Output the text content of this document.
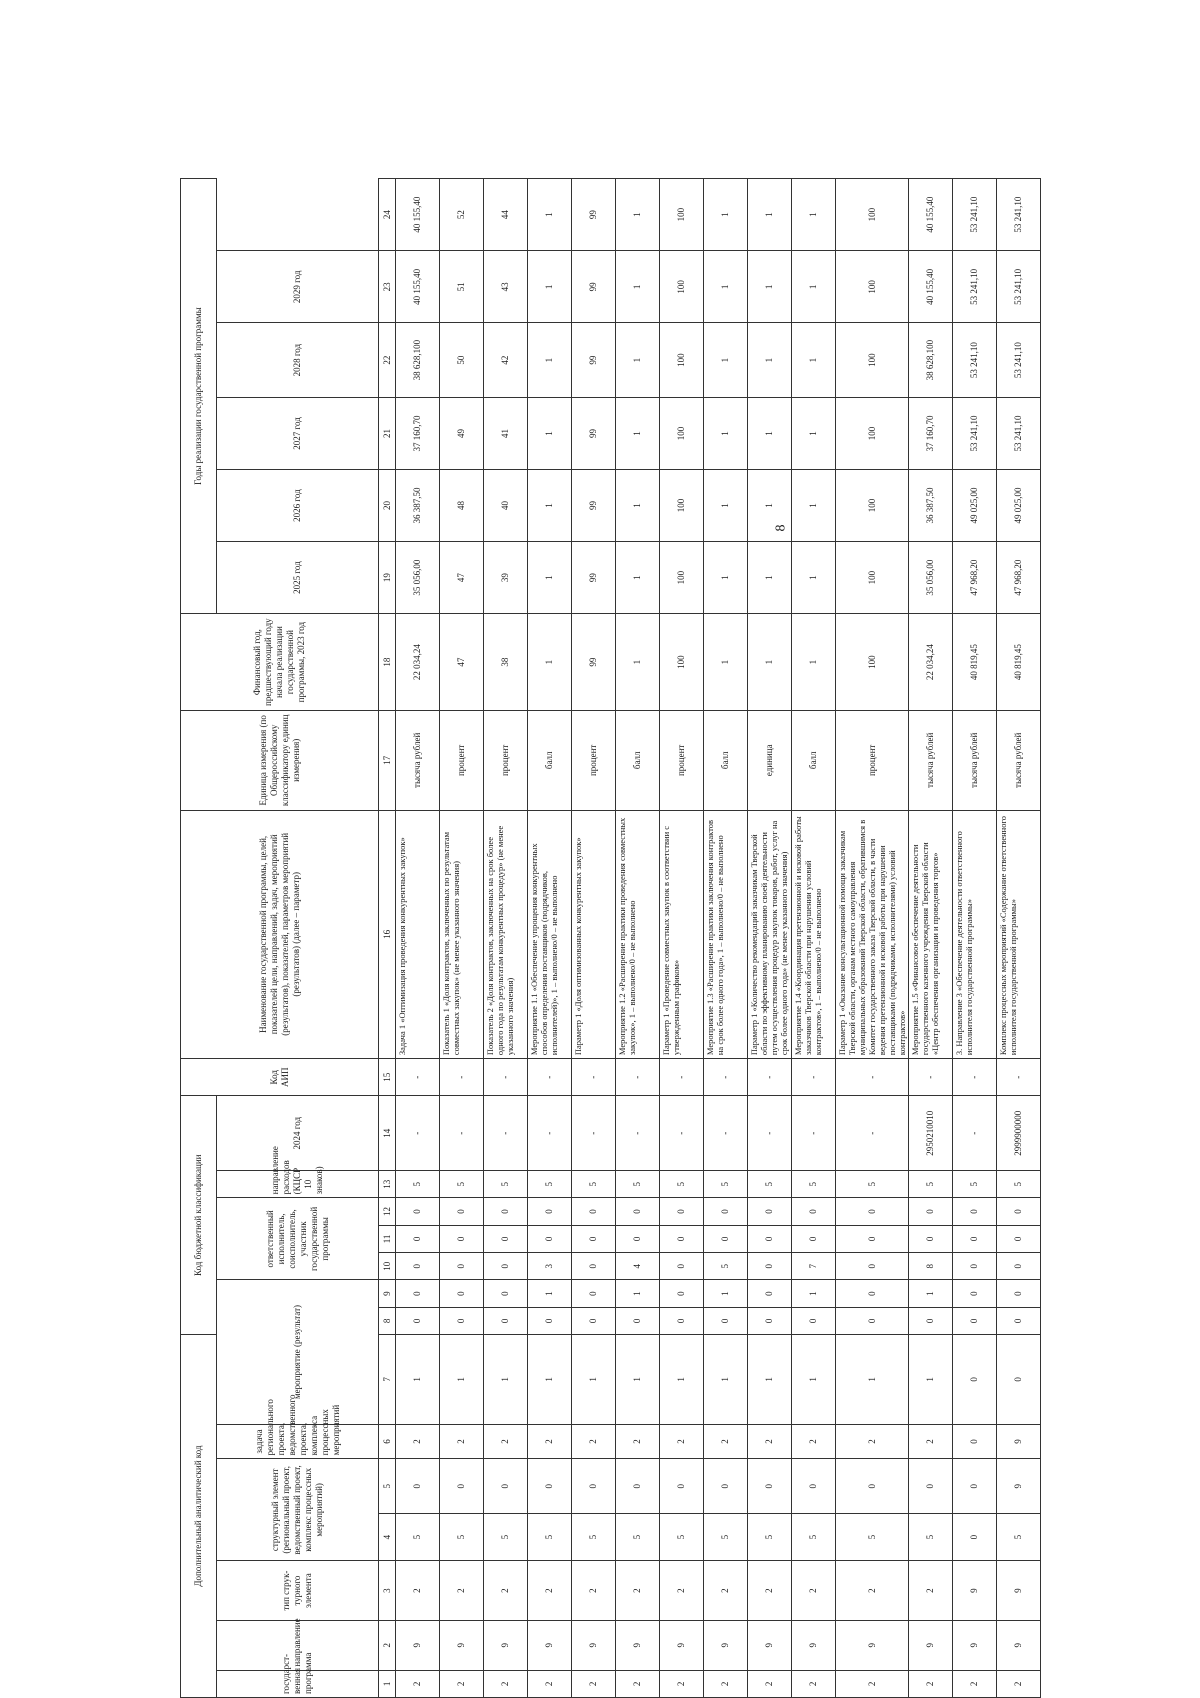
8
Дополнительный аналитический код							Код бюджетной классификации							Код АИП	Наименование государственной программы, целей, показателей цели, направлений, задач, мероприятий (результатов), показателей, параметров мероприятий (результатов) (далее – параметр)	Единица измерения (по Общероссийскому классификатору единиц измерения)	Финансовый год, предшествующий году начала реализации государственной программы, 2023 год	Годы реализации государственной программы					
государст-венная программа	направление	тип струк-турного элемента	структурный элемент (региональный проект, ведомственный проект, комплекс процессных мероприятий)		задача регионального проекта, ведомственного проекта, комплекса процессных мероприятий	мероприятие (результат)			ответственный исполнитель, соисполнитель, участник государственной программы			направление расходов (КЦСР 10 знаков)	2024 год					2025 год	2026 год	2027 год	2028 год	2029 год	

1	2	3	4	5	6	7	8	9	10	11	12	13	14	15	16	17	18	19	20	21	22	23	24
2	9	2	5	0	2	1	0	0	0	0	0	5	-	-	Задача 1 «Оптимизация проведения конкурентных закупок»	тысяча рублей	22 034,24	35 056,00	36 387,50	37 160,70	38 628,100	40 155,40	40 155,40
2	9	2	5	0	2	1	0	0	0	0	0	5	-	-	Показатель 1 «Доля контрактов, заключенных по результатам совместных закупок» (не менее указанного значения)	процент	47	47	48	49	50	51	52
2	9	2	5	0	2	1	0	0	0	0	0	5	-	-	Показатель 2 «Доля контрактов, заключенных на срок более одного года по результатам конкурентных процедур» (не менее указанного значения)	процент	38	39	40	41	42	43	44
2	9	2	5	0	2	1	0	1	3	0	0	5	-	-	Мероприятие 1.1 «Обеспечение упрощения конкурентных способов определения поставщиков (подрядчиков, исполнителей)», 1 – выполнено/0 – не выполнено	балл	1	1	1	1	1	1	1
2	9	2	5	0	2	1	0	0	0	0	0	5	-	-	Параметр 1 «Доля оптимизованных конкурентных закупок»	процент	99	99	99	99	99	99	99
2	9	2	5	0	2	1	0	1	4	0	0	5	-	-	Мероприятие 1.2 «Расширение практики проведения совместных закупок», 1 – выполнено/0 – не выполнено	балл	1	1	1	1	1	1	1
2	9	2	5	0	2	1	0	0	0	0	0	5	-	-	Параметр 1 «Проведение совместных закупок в соответствии с утвержденным графиком»	процент	100	100	100	100	100	100	100
2	9	2	5	0	2	1	0	1	5	0	0	5	-	-	Мероприятие 1.3 «Расширение практики заключения контрактов на срок более одного года», 1 – выполнено/0 – не выполнено	балл	1	1	1	1	1	1	1
2	9	2	5	0	2	1	0	0	0	0	0	5	-	-	Параметр 1 «Количество рекомендаций заказчикам Тверской области по эффективному планированию своей деятельности путем осуществления процедур закупок товаров, работ, услуг на срок более одного года» (не менее указанного значения)	единица	1	1	1	1	1	1	1
2	9	2	5	0	2	1	0	1	7	0	0	5	-	-	Мероприятие 1.4 «Координация претензионной и исковой работы заказчиков Тверской области при нарушении условий контрактов», 1 – выполнено/0 – не выполнено	балл	1	1	1	1	1	1	1
2	9	2	5	0	2	1	0	0	0	0	0	5	-	-	Параметр 1 «Оказание консультационной помощи заказчикам Тверской области, органам местного самоуправления муниципальных образований Тверской области, обратившимся в Комитет государственного заказа Тверской области, в части ведения претензионной и исковой работы при нарушении поставщиками (подрядчиками, исполнителями) условий контрактов»	процент	100	100	100	100	100	100	100
2	9	2	5	0	2	1	0	1	8	0	0	5	2950210010	-	Мероприятие 1.5 «Финансовое обеспечение деятельности государственного казенного учреждения Тверской области «Центр обеспечения организации и проведения торгов»	тысяча рублей	22 034,24	35 056,00	36 387,50	37 160,70	38 628,100	40 155,40	40 155,40
2	9	9	0	0	0	0	0	0	0	0	0	5	-	-	3. Направление 3 «Обеспечение деятельности ответственного исполнителя государственной программы»	тысяча рублей	40 819,45	47 968,20	49 025,00	53 241,10	53 241,10	53 241,10	53 241,10
2	9	9	5	9	9	0	0	0	0	0	0	5	2999900000	-	Комплекс процессных мероприятий «Содержание ответственного исполнителя государственной программы»	тысяча рублей	40 819,45	47 968,20	49 025,00	53 241,10	53 241,10	53 241,10	53 241,10
